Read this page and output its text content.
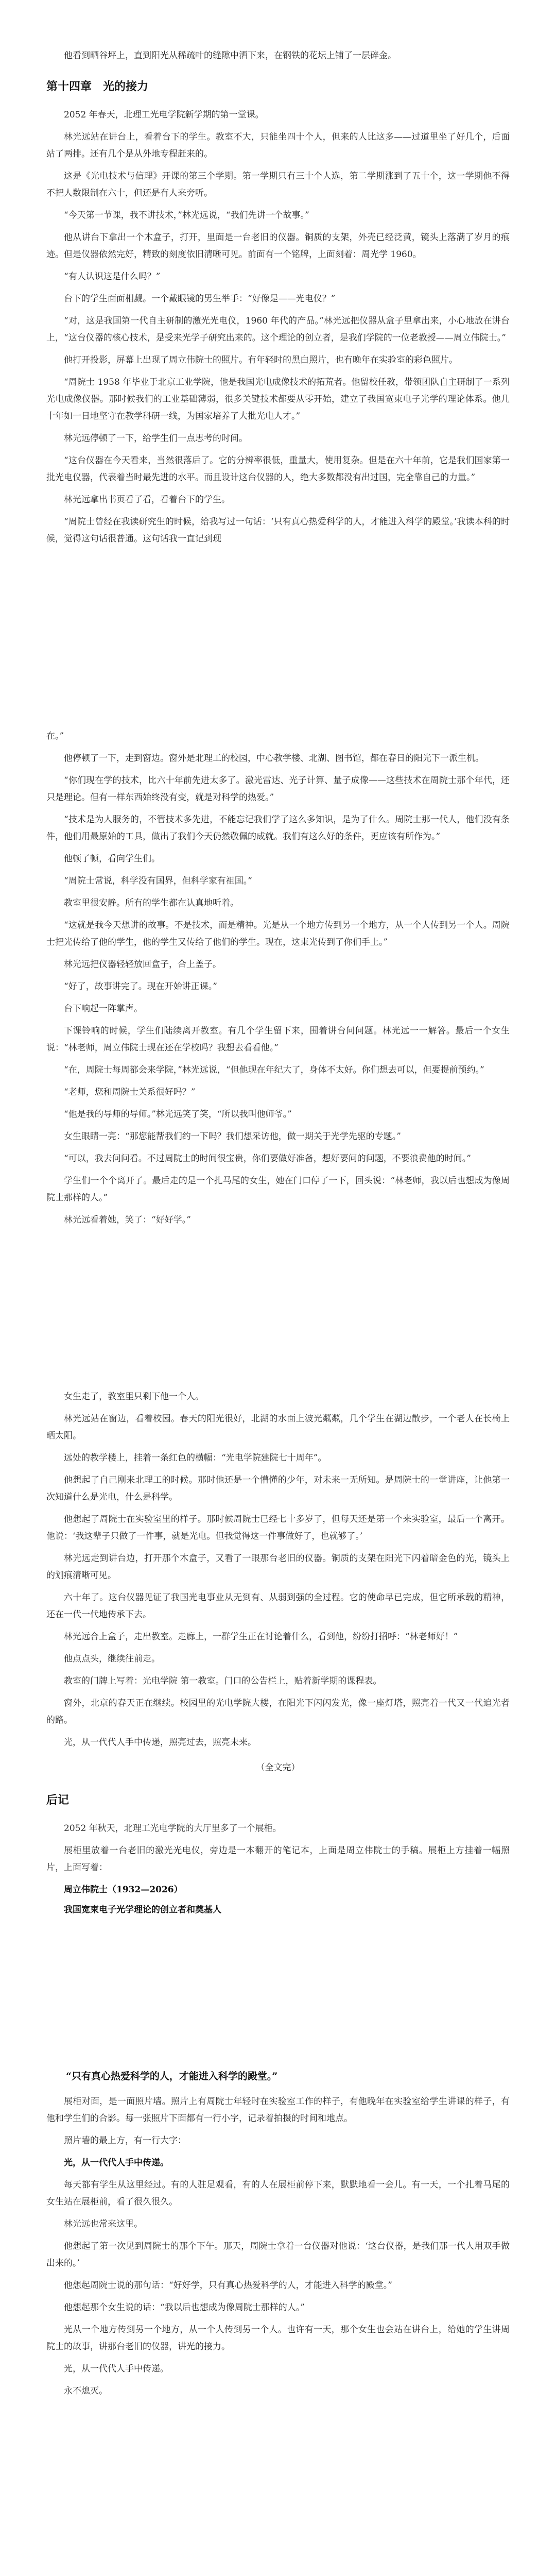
他看到晒谷坪上，直到阳光从稀疏叶的缝隙中洒下来，在钢铁的花坛上铺了一层碎金。

第十四章　光的接力

2052 年春天，北理工光电学院新学期的第一堂课。

林光远站在讲台上，看着台下的学生。教室不大，只能坐四十个人，但来的人比这多——过道里坐了好几个，后面站了两排。还有几个是从外地专程赶来的。

这是《光电技术与信理》开课的第三个学期。第一学期只有三十个人选，第二学期涨到了五十个，这一学期他不得不把人数限制在六十，但还是有人来旁听。

“今天第一节课，我不讲技术，”林光远说，“我们先讲一个故事。”

他从讲台下拿出一个木盒子，打开，里面是一台老旧的仪器。铜质的支架，外壳已经泛黄，镜头上落满了岁月的痕迹。但是仪器依然完好，精致的刻度依旧清晰可见。前面有一个铭牌，上面刻着：周光学 1960。

“有人认识这是什么吗？”

台下的学生面面相觑。一个戴眼镜的男生举手：“好像是——光电仪？”

“对，这是我国第一代自主研制的激光光电仪，1960 年代的产品。”林光远把仪器从盒子里拿出来，小心地放在讲台上，“这台仪器的核心技术，是受来光学子研究出来的。这个理论的创立者，是我们学院的一位老教授——周立伟院士。”

他打开投影，屏幕上出现了周立伟院士的照片。有年轻时的黑白照片，也有晚年在实验室的彩色照片。

“周院士 1958 年毕业于北京工业学院，他是我国光电成像技术的拓荒者。他留校任教，带领团队自主研制了一系列光电成像仪器。那时候我们的工业基础薄弱，很多关键技术都要从零开始，建立了我国宽束电子光学的理论体系。他几十年如一日地坚守在教学科研一线，为国家培养了大批光电人才。”

林光远停顿了一下，给学生们一点思考的时间。

“这台仪器在今天看来，当然很落后了。它的分辨率很低，重量大，使用复杂。但是在六十年前，它是我们国家第一批光电仪器，代表着当时最先进的水平。而且设计这台仪器的人，绝大多数都没有出过国，完全靠自己的力量。”

林光远拿出书页看了看，看着台下的学生。

“周院士曾经在我读研究生的时候，给我写过一句话：‘只有真心热爱科学的人，才能进入科学的殿堂。’我读本科的时候，觉得这句话很普通。这句话我一直记到现

在。”

他停顿了一下，走到窗边。窗外是北理工的校园，中心教学楼、北湖、图书馆，都在春日的阳光下一派生机。

“你们现在学的技术，比六十年前先进太多了。激光雷达、光子计算、量子成像——这些技术在周院士那个年代，还只是理论。但有一样东西始终没有变，就是对科学的热爱。”

“技术是为人服务的，不管技术多先进，不能忘记我们学了这么多知识，是为了什么。周院士那一代人，他们没有条件，他们用最原始的工具，做出了我们今天仍然敬佩的成就。我们有这么好的条件，更应该有所作为。”

他顿了顿，看向学生们。

“周院士常说，科学没有国界，但科学家有祖国。”

教室里很安静。所有的学生都在认真地听着。

“这就是我今天想讲的故事。不是技术，而是精神。光是从一个地方传到另一个地方，从一个人传到另一个人。周院士把光传给了他的学生，他的学生又传给了他们的学生。现在，这束光传到了你们手上。”

林光远把仪器轻轻放回盒子，合上盖子。

“好了，故事讲完了。现在开始讲正课。”

台下响起一阵掌声。

下课铃响的时候，学生们陆续离开教室。有几个学生留下来，围着讲台问问题。林光远一一解答。最后一个女生说：“林老师，周立伟院士现在还在学校吗？我想去看看他。”

“在，周院士每周都会来学院，”林光远说，“但他现在年纪大了，身体不太好。你们想去可以，但要提前预约。”

“老师，您和周院士关系很好吗？”

“他是我的导师的导师。”林光远笑了笑，“所以我叫他师爷。”

女生眼睛一亮：“那您能帮我们约一下吗？我们想采访他，做一期关于光学先驱的专题。”

“可以，我去问问看。不过周院士的时间很宝贵，你们要做好准备，想好要问的问题，不要浪费他的时间。”

学生们一个个离开了。最后走的是一个扎马尾的女生，她在门口停了一下，回头说：“林老师，我以后也想成为像周院士那样的人。”

林光远看着她，笑了：“好好学。”

女生走了，教室里只剩下他一个人。

林光远站在窗边，看着校园。春天的阳光很好，北湖的水面上波光粼粼，几个学生在湖边散步，一个老人在长椅上晒太阳。

远处的教学楼上，挂着一条红色的横幅：“光电学院建院七十周年”。

他想起了自己刚来北理工的时候。那时他还是一个懵懂的少年，对未来一无所知。是周院士的一堂讲座，让他第一次知道什么是光电，什么是科学。

他想起了周院士在实验室里的样子。那时候周院士已经七十多岁了，但每天还是第一个来实验室，最后一个离开。他说：‘我这辈子只做了一件事，就是光电。但我觉得这一件事做好了，也就够了。’

林光远走到讲台边，打开那个木盒子，又看了一眼那台老旧的仪器。铜质的支架在阳光下闪着暗金色的光，镜头上的划痕清晰可见。

六十年了。这台仪器见证了我国光电事业从无到有、从弱到强的全过程。它的使命早已完成，但它所承载的精神，还在一代一代地传承下去。

林光远合上盒子，走出教室。走廊上，一群学生正在讨论着什么，看到他，纷纷打招呼：“林老师好！”

他点点头，继续往前走。

教室的门牌上写着：光电学院 第一教室。门口的公告栏上，贴着新学期的课程表。

窗外，北京的春天正在继续。校园里的光电学院大楼，在阳光下闪闪发光，像一座灯塔，照亮着一代又一代追光者的路。

光，从一代代人手中传递，照亮过去，照亮未来。

（全文完）
后记

2052 年秋天，北理工光电学院的大厅里多了一个展柜。

展柜里放着一台老旧的激光光电仪，旁边是一本翻开的笔记本，上面是周立伟院士的手稿。展柜上方挂着一幅照片，上面写着：

周立伟院士（1932—2026）
我国宽束电子光学理论的创立者和奠基人
“只有真心热爱科学的人，才能进入科学的殿堂。”

展柜对面，是一面照片墙。照片上有周院士年轻时在实验室工作的样子，有他晚年在实验室给学生讲课的样子，有他和学生们的合影。每一张照片下面都有一行小字，记录着拍摄的时间和地点。

照片墙的最上方，有一行大字：

光，从一代代人手中传递。

每天都有学生从这里经过。有的人驻足观看，有的人在展柜前停下来，默默地看一会儿。有一天，一个扎着马尾的女生站在展柜前，看了很久很久。

林光远也常来这里。

他想起了第一次见到周院士的那个下午。那天，周院士拿着一台仪器对他说：‘这台仪器，是我们那一代人用双手做出来的。’

他想起周院士说的那句话：“好好学，只有真心热爱科学的人，才能进入科学的殿堂。”

他想起那个女生说的话：“我以后也想成为像周院士那样的人。”

光从一个地方传到另一个地方，从一个人传到另一个人。也许有一天，那个女生也会站在讲台上，给她的学生讲周院士的故事，讲那台老旧的仪器，讲光的接力。

光，从一代代人手中传递。

永不熄灭。
